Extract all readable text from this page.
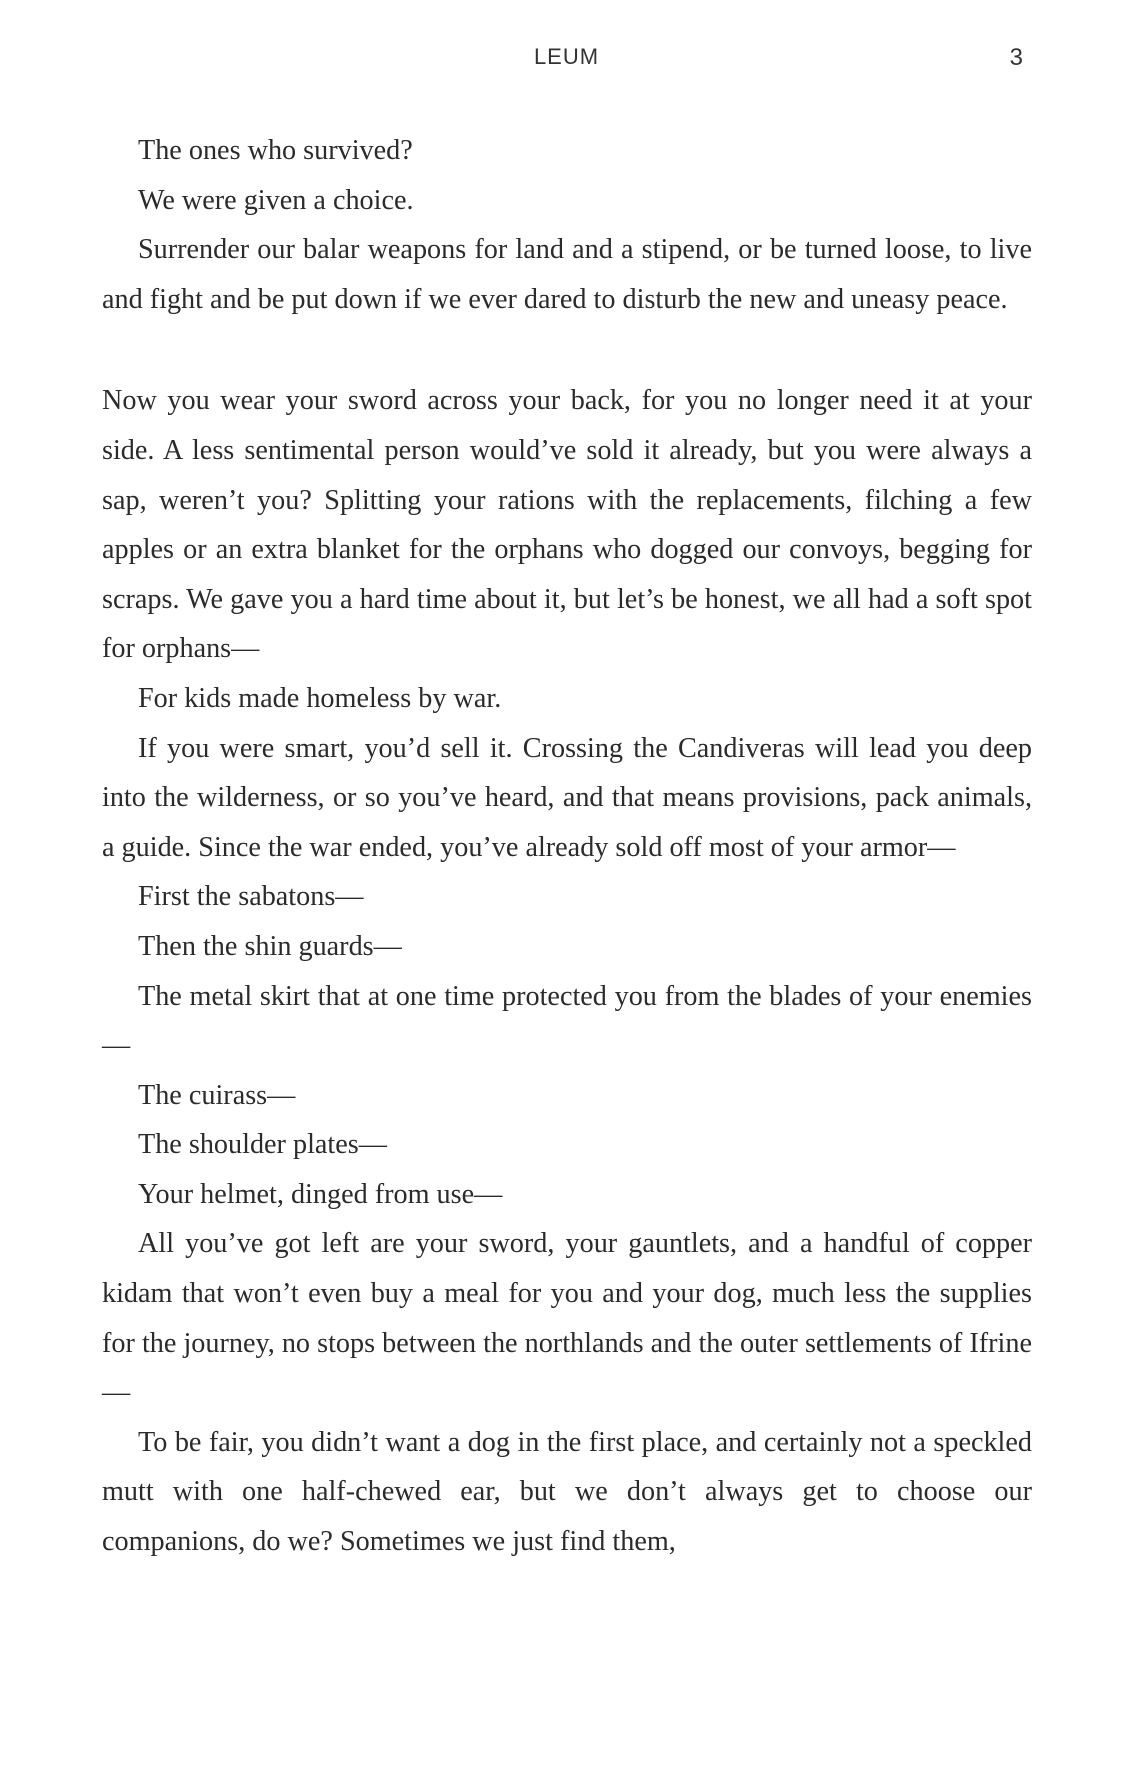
LEUM	3

The ones who survived?

We were given a choice.

Surrender our balar weapons for land and a stipend, or be turned loose, to live and fight and be put down if we ever dared to disturb the new and uneasy peace.

Now you wear your sword across your back, for you no longer need it at your side. A less sentimental person would’ve sold it already, but you were always a sap, weren’t you? Splitting your rations with the replacements, filching a few apples or an extra blanket for the orphans who dogged our convoys, begging for scraps. We gave you a hard time about it, but let’s be honest, we all had a soft spot for orphans—

For kids made homeless by war.

If you were smart, you’d sell it. Crossing the Candiveras will lead you deep into the wilderness, or so you’ve heard, and that means provisions, pack animals, a guide. Since the war ended, you’ve already sold off most of your armor—

First the sabatons—

Then the shin guards—

The metal skirt that at one time protected you from the blades of your enemies—

The cuirass—

The shoulder plates—

Your helmet, dinged from use—

All you’ve got left are your sword, your gauntlets, and a handful of copper kidam that won’t even buy a meal for you and your dog, much less the supplies for the journey, no stops between the northlands and the outer settlements of Ifrine—

To be fair, you didn’t want a dog in the first place, and certainly not a speckled mutt with one half-chewed ear, but we don’t always get to choose our companions, do we? Sometimes we just find them,
